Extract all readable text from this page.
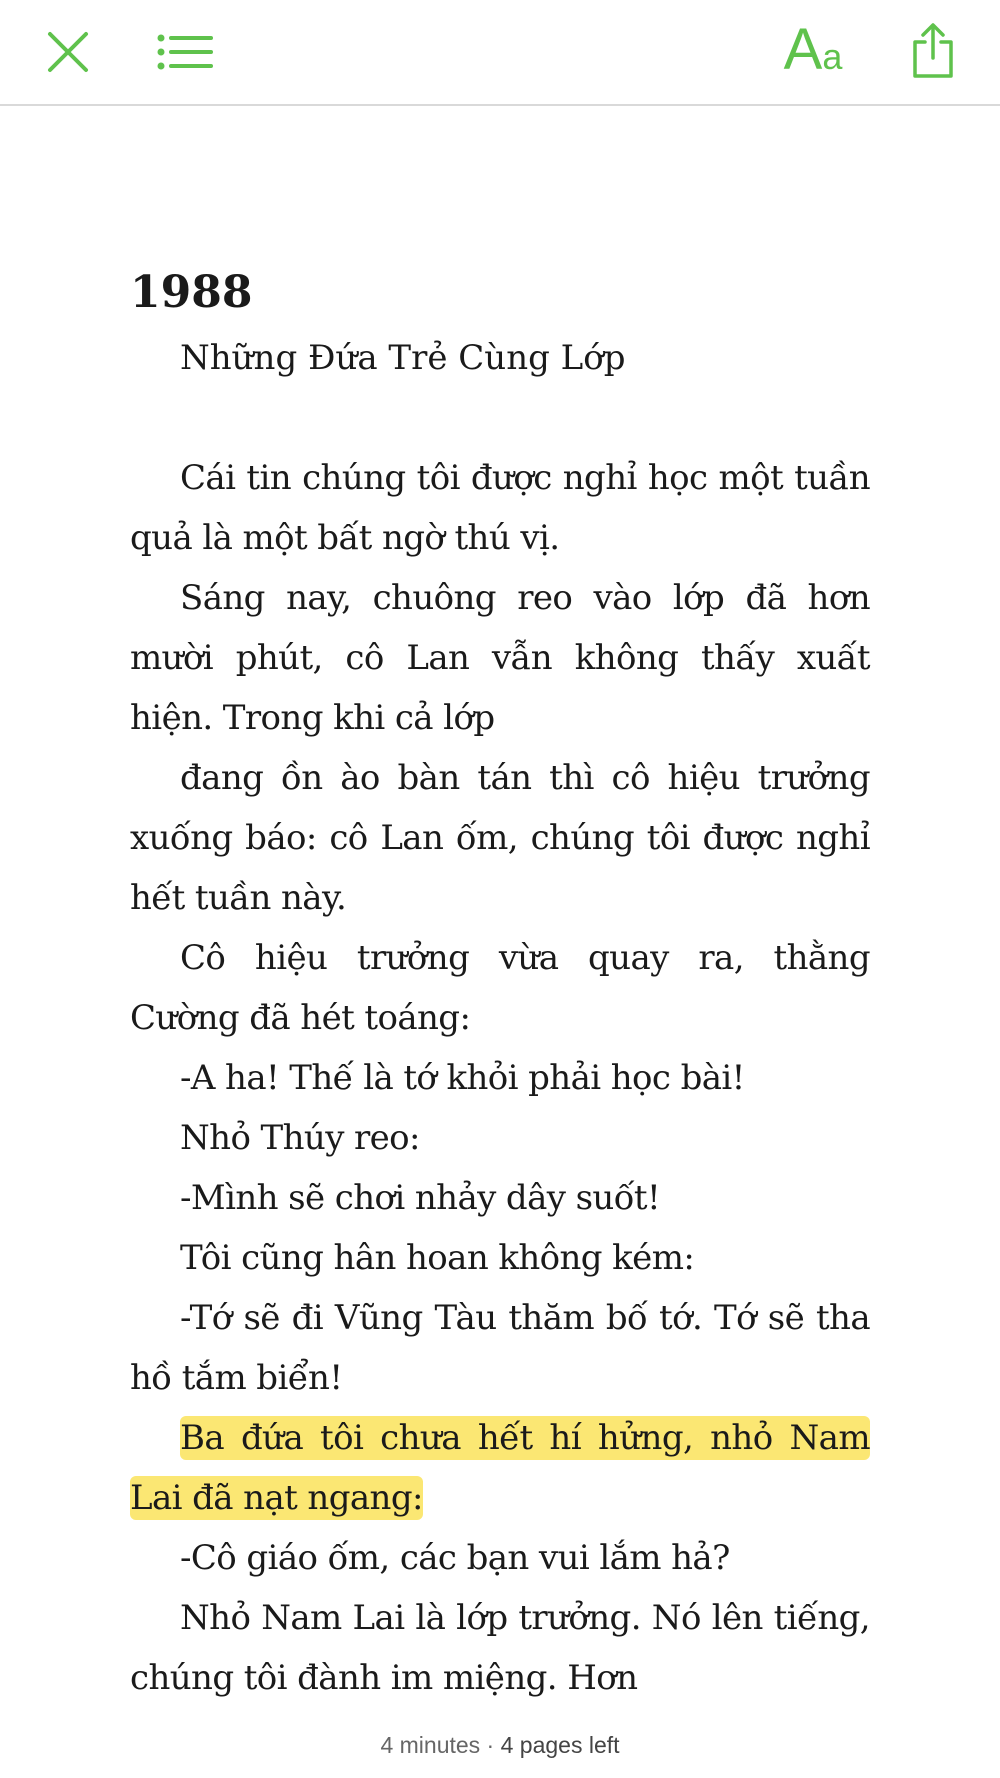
Aa
1988

Những Đứa Trẻ Cùng Lớp

Cái tin chúng tôi được nghỉ học một tuần quả là một bất ngờ thú vị.

Sáng nay, chuông reo vào lớp đã hơn mười phút, cô Lan vẫn không thấy xuất hiện. Trong khi cả lớp

đang ồn ào bàn tán thì cô hiệu trưởng xuống báo: cô Lan ốm, chúng tôi được nghỉ hết tuần này.

Cô hiệu trưởng vừa quay ra, thằng Cường đã hét toáng:

-A ha! Thế là tớ khỏi phải học bài!

Nhỏ Thúy reo:

-Mình sẽ chơi nhảy dây suốt!

Tôi cũng hân hoan không kém:

-Tớ sẽ đi Vũng Tàu thăm bố tớ. Tớ sẽ tha hồ tắm biển!

Ba đứa tôi chưa hết hí hửng, nhỏ Nam Lai đã nạt ngang:

-Cô giáo ốm, các bạn vui lắm hả?

Nhỏ Nam Lai là lớp trưởng. Nó lên tiếng, chúng tôi đành im miệng. Hơn

4 minutes · 4 pages left
